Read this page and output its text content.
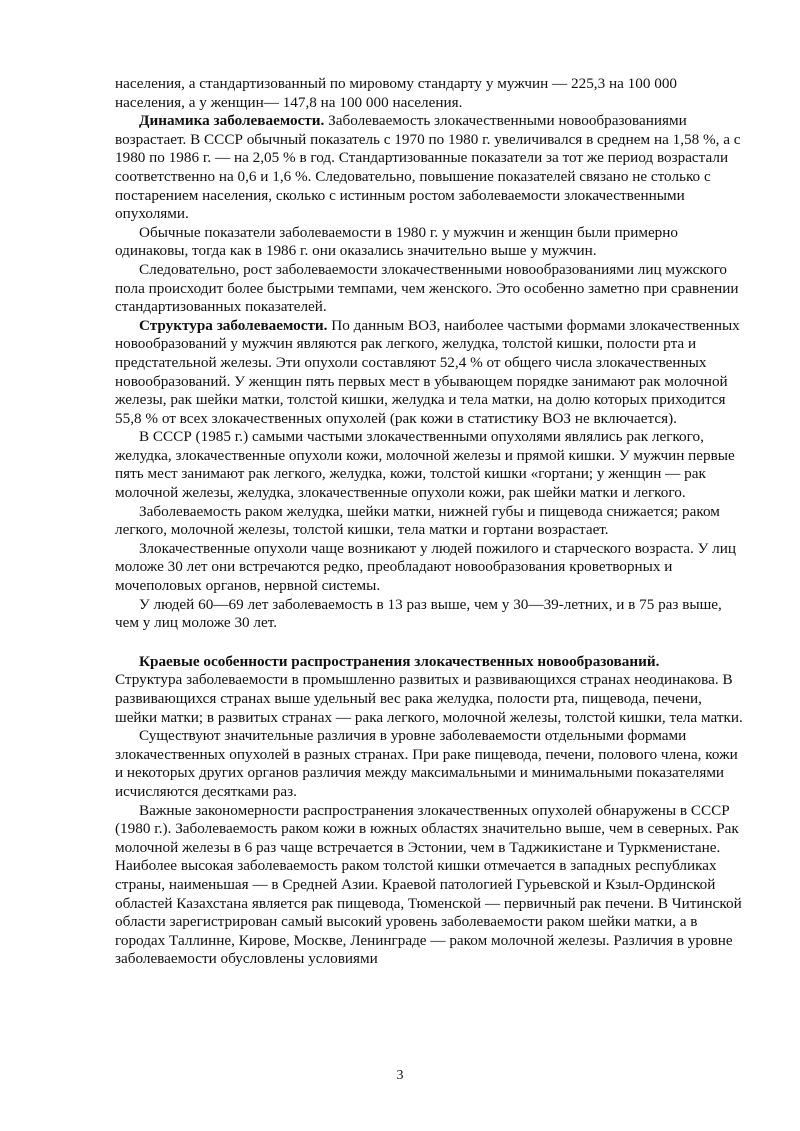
населения, а стандартизованный по мировому стандарту у мужчин — 225,3 на 100 000 населения, а у женщин— 147,8 на 100 000 населения.

Динамика заболеваемости. Заболеваемость злокачественными новообразованиями возрастает. В СССР обычный показатель с 1970 по 1980 г. увеличивался в среднем на 1,58 %, а с 1980 по 1986 г. — на 2,05 % в год. Стандартизованные показатели за тот же период возрастали соответственно на 0,6 и 1,6 %. Следовательно, повышение показателей связано не столько с постарением населения, сколько с истинным ростом заболеваемости злокачественными опухолями.

Обычные показатели заболеваемости в 1980 г. у мужчин и женщин были примерно одинаковы, тогда как в 1986 г. они оказались значительно выше у мужчин.

Следовательно, рост заболеваемости злокачественными новообразованиями лиц мужского пола происходит более быстрыми темпами, чем женского. Это особенно заметно при сравнении стандартизованных показателей.

Структура заболеваемости. По данным ВОЗ, наиболее частыми формами злокачественных новообразований у мужчин являются рак легкого, желудка, толстой кишки, полости рта и предстательной железы. Эти опухоли составляют 52,4 % от общего числа злокачественных новообразований. У женщин пять первых мест в убывающем порядке занимают рак молочной железы, рак шейки матки, толстой кишки, желудка и тела матки, на долю которых приходится 55,8 % от всех злокачественных опухолей (рак кожи в статистику ВОЗ не включается).

В СССР (1985 г.) самыми частыми злокачественными опухолями являлись рак легкого, желудка, злокачественные опухоли кожи, молочной железы и прямой кишки. У мужчин первые пять мест занимают рак легкого, желудка, кожи, толстой кишки «гортани; у женщин — рак молочной железы, желудка, злокачественные опухоли кожи, рак шейки матки и легкого.

Заболеваемость раком желудка, шейки матки, нижней губы и пищевода снижается; раком легкого, молочной железы, толстой кишки, тела матки и гортани возрастает.

Злокачественные опухоли чаще возникают у людей пожилого и старческого возраста. У лиц моложе 30 лет они встречаются редко, преобладают новообразования кроветворных и мочеполовых органов, нервной системы.

У людей 60—69 лет заболеваемость в 13 раз выше, чем у 30—39-летних, и в 75 раз выше, чем у лиц моложе 30 лет.

Краевые особенности распространения злокачественных новообразований.

Структура заболеваемости в промышленно развитых и развивающихся странах неодинакова. В развивающихся странах выше удельный вес рака желудка, полости рта, пищевода, печени, шейки матки; в развитых странах — рака легкого, молочной железы, толстой кишки, тела матки.

Существуют значительные различия в уровне заболеваемости отдельными формами злокачественных опухолей в разных странах. При раке пищевода, печени, полового члена, кожи и некоторых других органов различия между максимальными и минимальными показателями исчисляются десятками раз.

Важные закономерности распространения злокачественных опухолей обнаружены в СССР (1980 г.). Заболеваемость раком кожи в южных областях значительно выше, чем в северных. Рак молочной железы в 6 раз чаще встречается в Эстонии, чем в Таджикистане и Туркменистане. Наиболее высокая заболеваемость раком толстой кишки отмечается в западных республиках страны, наименьшая — в Средней Азии. Краевой патологией Гурьевской и Кзыл-Ординской областей Казахстана является рак пищевода, Тюменской — первичный рак печени. В Читинской области зарегистрирован самый высокий уровень заболеваемости раком шейки матки, а в городах Таллинне, Кирове, Москве, Ленинграде — раком молочной железы. Различия в уровне заболеваемости обусловлены условиями

3
